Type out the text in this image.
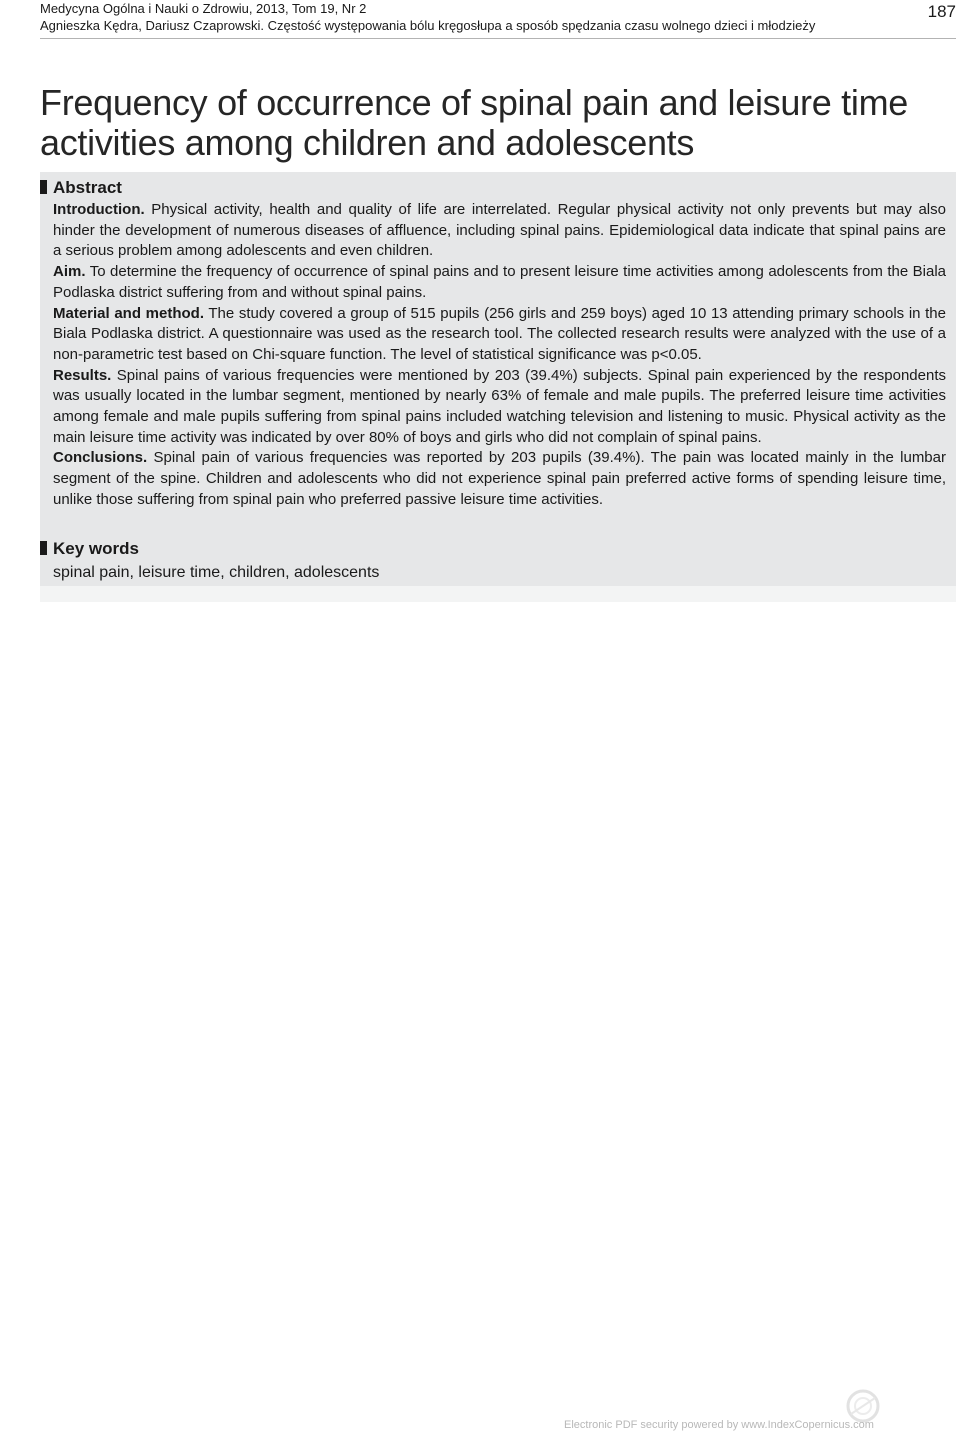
Medycyna Ogólna i Nauki o Zdrowiu, 2013, Tom 19, Nr 2
Agnieszka Kędra, Dariusz Czaprowski. Częstość występowania bólu kręgosłupa a sposób spędzania czasu wolnego dzieci i młodzieży
187
Frequency of occurrence of spinal pain and leisure time activities among children and adolescents
Abstract

Introduction. Physical activity, health and quality of life are interrelated. Regular physical activity not only prevents but may also hinder the development of numerous diseases of affluence, including spinal pains. Epidemiological data indicate that spinal pains are a serious problem among adolescents and even children.

Aim. To determine the frequency of occurrence of spinal pains and to present leisure time activities among adolescents from the Biala Podlaska district suffering from and without spinal pains.

Material and method. The study covered a group of 515 pupils (256 girls and 259 boys) aged 10 13 attending primary schools in the Biala Podlaska district. A questionnaire was used as the research tool. The collected research results were analyzed with the use of a non-parametric test based on Chi-square function. The level of statistical significance was p<0.05.

Results. Spinal pains of various frequencies were mentioned by 203 (39.4%) subjects. Spinal pain experienced by the respondents was usually located in the lumbar segment, mentioned by nearly 63% of female and male pupils. The preferred leisure time activities among female and male pupils suffering from spinal pains included watching television and listening to music. Physical activity as the main leisure time activity was indicated by over 80% of boys and girls who did not complain of spinal pains.

Conclusions. Spinal pain of various frequencies was reported by 203 pupils (39.4%). The pain was located mainly in the lumbar segment of the spine. Children and adolescents who did not experience spinal pain preferred active forms of spending leisure time, unlike those suffering from spinal pain who preferred passive leisure time activities.

Key words
spinal pain, leisure time, children, adolescents
Electronic PDF security powered by www.IndexCopernicus.com
